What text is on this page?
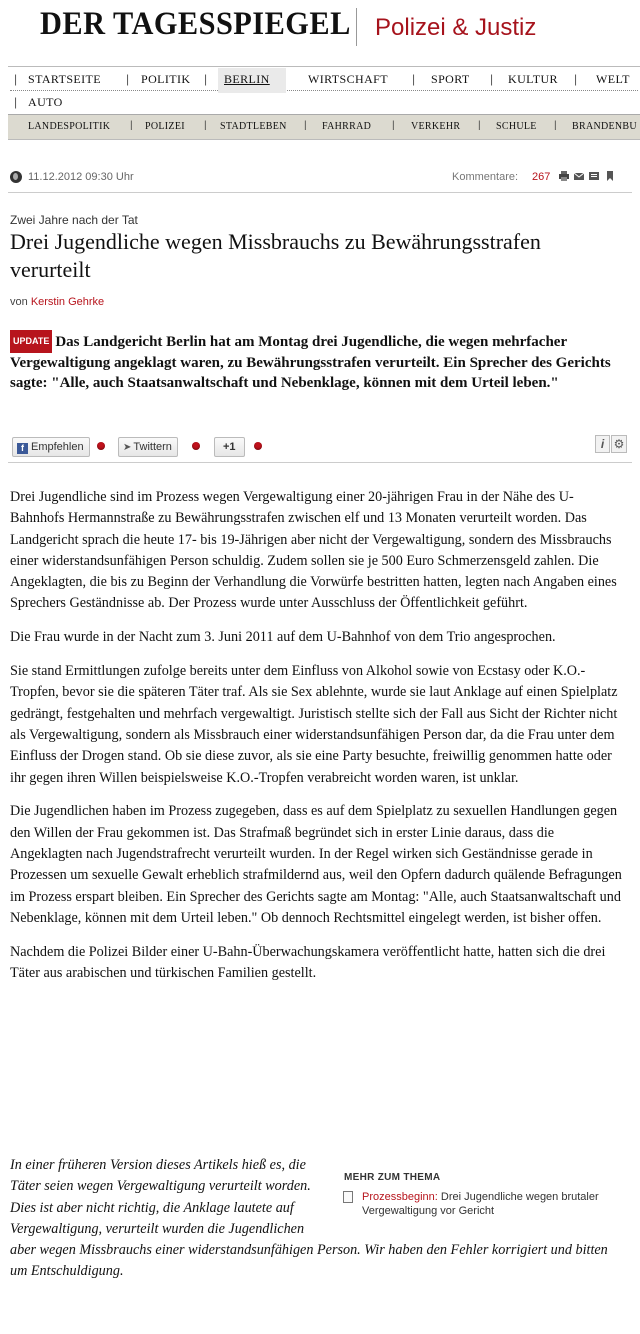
DER TAGESSPIEGEL Polizei & Justiz
| STARTSEITE | POLITIK |	BERLIN	WIRTSCHAFT | SPORT | KULTUR | WELT
| AUTO
LANDESPOLITIK | POLIZEI | STADTLEBEN | FAHRRAD | VERKEHR | SCHULE | BRANDENBU
11.12.2012 09:30 Uhr	Kommentare: 267
Zwei Jahre nach der Tat
Drei Jugendliche wegen Missbrauchs zu Bewährungsstrafen verurteilt
von Kerstin Gehrke

UPDATE Das Landgericht Berlin hat am Montag drei Jugendliche, die wegen mehrfacher Vergewaltigung angeklagt waren, zu Bewährungsstrafen verurteilt. Ein Sprecher des Gerichts sagte: "Alle, auch Staatsanwaltschaft und Nebenklage, können mit dem Urteil leben."

f Empfehlen	➤ Twittern	+1	i ⚙

Drei Jugendliche sind im Prozess wegen Vergewaltigung einer 20-jährigen Frau in der Nähe des U-Bahnhofs Hermannstraße zu Bewährungsstrafen zwischen elf und 13 Monaten verurteilt worden. Das Landgericht sprach die heute 17- bis 19-Jährigen aber nicht der Vergewaltigung, sondern des Missbrauchs einer widerstandsunfähigen Person schuldig. Zudem sollen sie je 500 Euro Schmerzensgeld zahlen. Die Angeklagten, die bis zu Beginn der Verhandlung die Vorwürfe bestritten hatten, legten nach Angaben eines Sprechers Geständnisse ab. Der Prozess wurde unter Ausschluss der Öffentlichkeit geführt.

Die Frau wurde in der Nacht zum 3. Juni 2011 auf dem U-Bahnhof von dem Trio angesprochen.

Sie stand Ermittlungen zufolge bereits unter dem Einfluss von Alkohol sowie von Ecstasy oder K.O.-Tropfen, bevor sie die späteren Täter traf. Als sie Sex ablehnte, wurde sie laut Anklage auf einen Spielplatz gedrängt, festgehalten und mehrfach vergewaltigt. Juristisch stellte sich der Fall aus Sicht der Richter nicht als Vergewaltigung, sondern als Missbrauch einer widerstandsunfähigen Person dar, da die Frau unter dem Einfluss der Drogen stand. Ob sie diese zuvor, als sie eine Party besuchte, freiwillig genommen hatte oder ihr gegen ihren Willen beispielsweise K.O.-Tropfen verabreicht worden waren, ist unklar.

Die Jugendlichen haben im Prozess zugegeben, dass es auf dem Spielplatz zu sexuellen Handlungen gegen den Willen der Frau gekommen ist. Das Strafmaß begründet sich in erster Linie daraus, dass die Angeklagten nach Jugendstrafrecht verurteilt wurden. In der Regel wirken sich Geständnisse gerade in Prozessen um sexuelle Gewalt erheblich strafmildernd aus, weil den Opfern dadurch quälende Befragungen im Prozess erspart bleiben. Ein Sprecher des Gerichts sagte am Montag: "Alle, auch Staatsanwaltschaft und Nebenklage, können mit dem Urteil leben." Ob dennoch Rechtsmittel eingelegt werden, ist bisher offen.

Nachdem die Polizei Bilder einer U-Bahn-Überwachungskamera veröffentlicht hatte, hatten sich die drei Täter aus arabischen und türkischen Familien gestellt.

In einer früheren Version dieses Artikels hieß es, die Täter seien wegen Vergewaltigung verurteilt worden. Dies ist aber nicht richtig, die Anklage lautete auf Vergewaltigung, verurteilt wurden die Jugendlichen aber wegen Missbrauchs einer widerstandsunfähigen Person. Wir haben den Fehler korrigiert und bitten um Entschuldigung.
MEHR ZUM THEMA
Prozessbeginn: Drei Jugendliche wegen brutaler Vergewaltigung vor Gericht
